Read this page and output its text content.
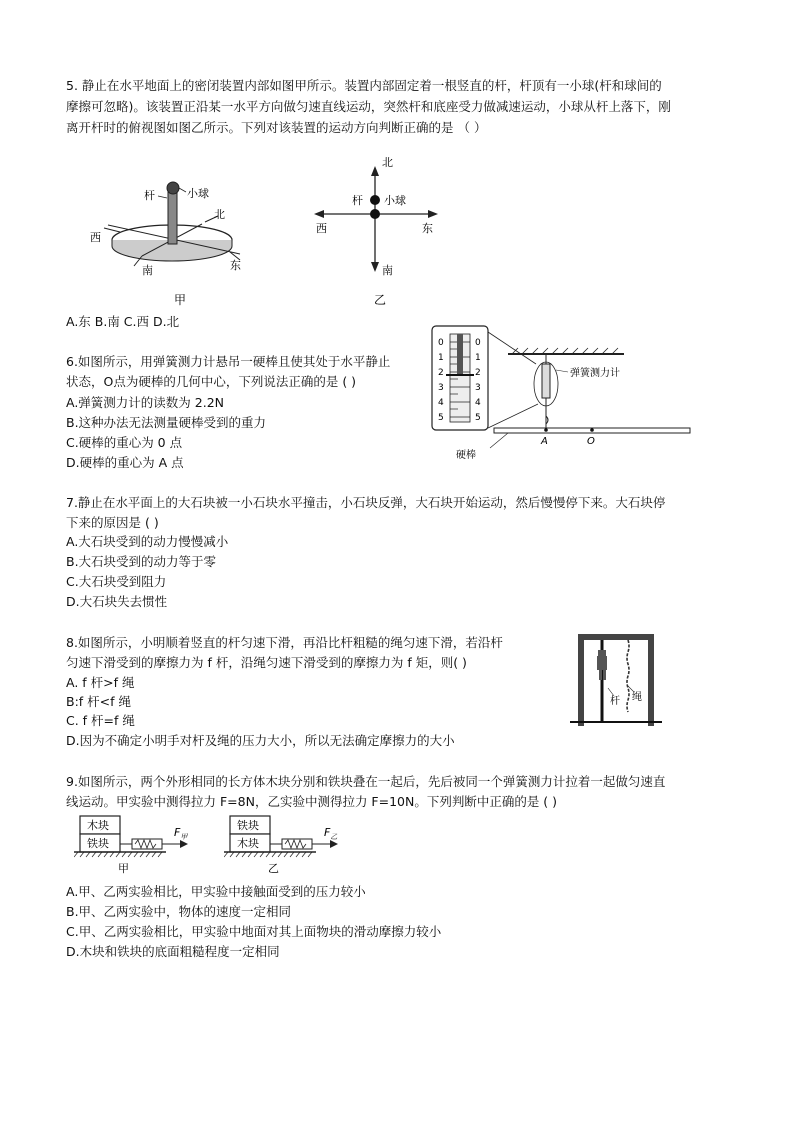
5. 静止在水平地面上的密闭装置内部如图甲所示。装置内部固定着一根竖直的杆，杆顶有一小球(杆和球间的
摩擦可忽略)。该装置正沿某一水平方向做匀速直线运动，突然杆和底座受力做减速运动，小球从杆上落下，刚
离开杆时的俯视图如图乙所示。下列对该装置的运动方向判断正确的是 （ ）
杆	小球
北
西
南	东
甲
北
杆 小球
西	东
南
乙
A.东 B.南 C.西 D.北
6.如图所示，用弹簧测力计悬吊一硬棒且使其处于水平静止
状态，O点为硬棒的几何中心，下列说法正确的是 ( )
A.弹簧测力计的读数为 2.2N
B.这种办法无法测量硬棒受到的重力
C.硬棒的重心为 0 点
D.硬棒的重心为 A 点
0
1
2
3
4
5
0
1
2
3
4
5
弹簧测力计
A	O
硬棒
7.静止在水平面上的大石块被一小石块水平撞击，小石块反弹，大石块开始运动，然后慢慢停下来。大石块停
下来的原因是 ( )
A.大石块受到的动力慢慢减小
B.大石块受到的动力等于零
C.大石块受到阻力
D.大石块失去惯性
8.如图所示，小明顺着竖直的杆匀速下滑，再沿比杆粗糙的绳匀速下滑，若沿杆
匀速下滑受到的摩擦力为 f 杆，沿绳匀速下滑受到的摩擦力为 f 矩，则( )
A. f 杆>f 绳
B:f 杆<f 绳
C. f 杆=f 绳
D.因为不确定小明手对杆及绳的压力大小，所以无法确定摩擦力的大小
杆 绳
9.如图所示，两个外形相同的长方体木块分别和铁块叠在一起后，先后被同一个弹簧测力计拉着一起做匀速直
线运动。甲实验中测得拉力 F=8N，乙实验中测得拉力 F=10N。下列判断中正确的是 ( )
木块
铁块
$F_甲$
甲
铁块
木块
$F_乙$
乙
A.甲、乙两实验相比，甲实验中接触面受到的压力较小
B.甲、乙两实验中，物体的速度一定相同
C.甲、乙两实验相比，甲实验中地面对其上面物块的滑动摩擦力较小
D.木块和铁块的底面粗糙程度一定相同
